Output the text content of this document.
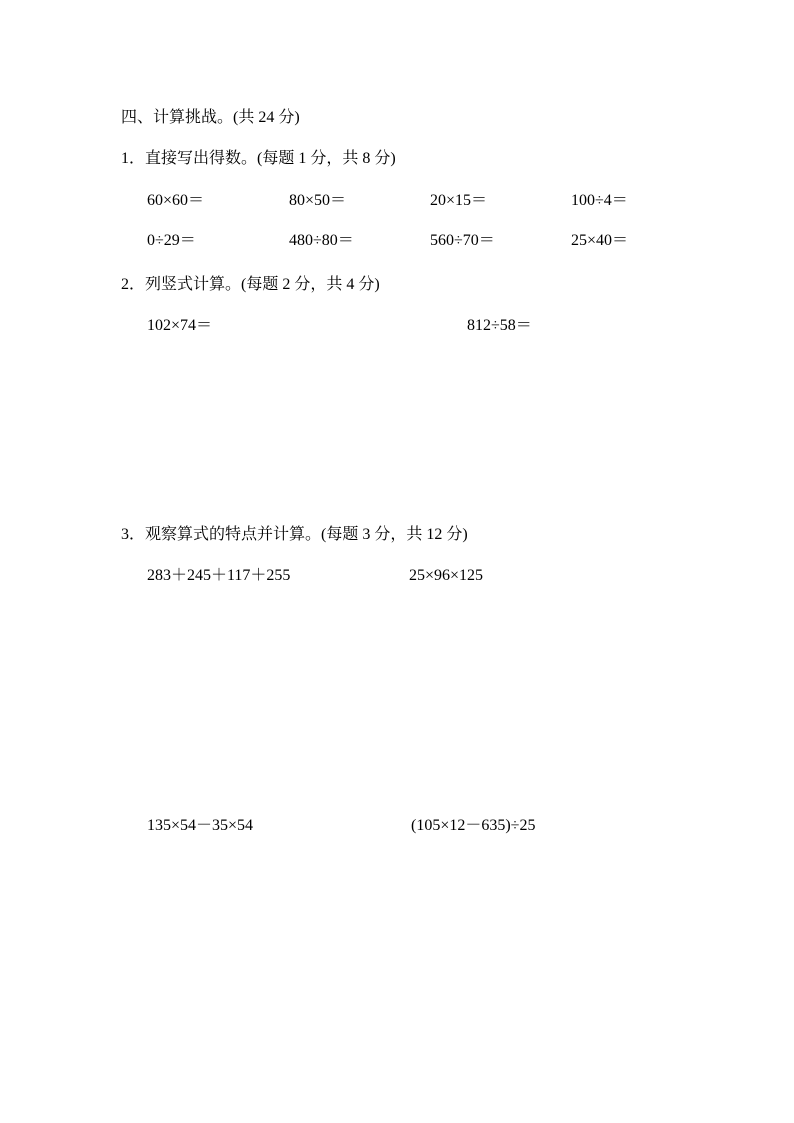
四、计算挑战。(共 24 分)
1．直接写出得数。(每题 1 分，共 8 分)
60×60＝	80×50＝	20×15＝	100÷4＝
0÷29＝	480÷80＝	560÷70＝	25×40＝
2．列竖式计算。(每题 2 分，共 4 分)
102×74＝	812÷58＝
3．观察算式的特点并计算。(每题 3 分，共 12 分)
283＋245＋117＋255	25×96×125
135×54－35×54	(105×12－635)÷25
